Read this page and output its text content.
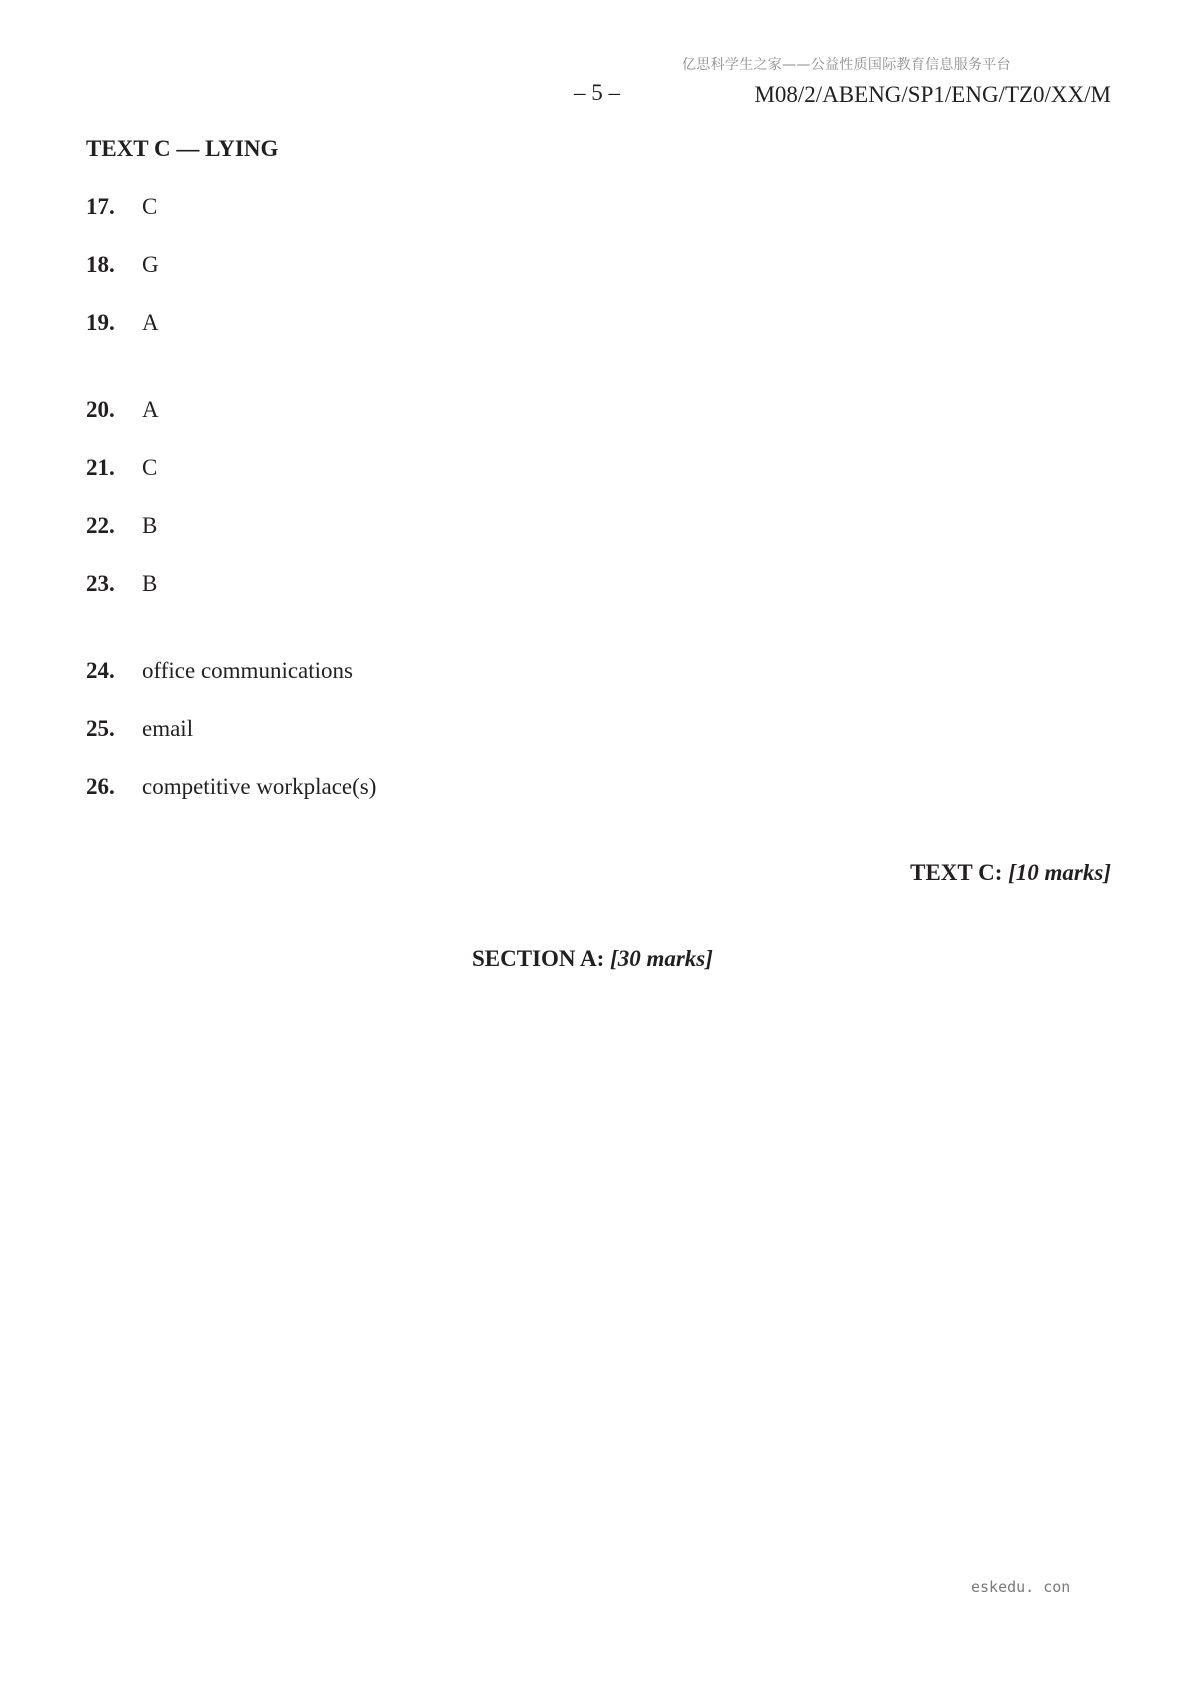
亿思科学生之家——公益性质国际教育信息服务平台
– 5 –	M08/2/ABENG/SP1/ENG/TZ0/XX/M
TEXT C — LYING
17. C
18. G
19. A
20. A
21. C
22. B
23. B
24. office communications
25. email
26. competitive workplace(s)
TEXT C: [10 marks]
SECTION A: [30 marks]
eskedu. con
